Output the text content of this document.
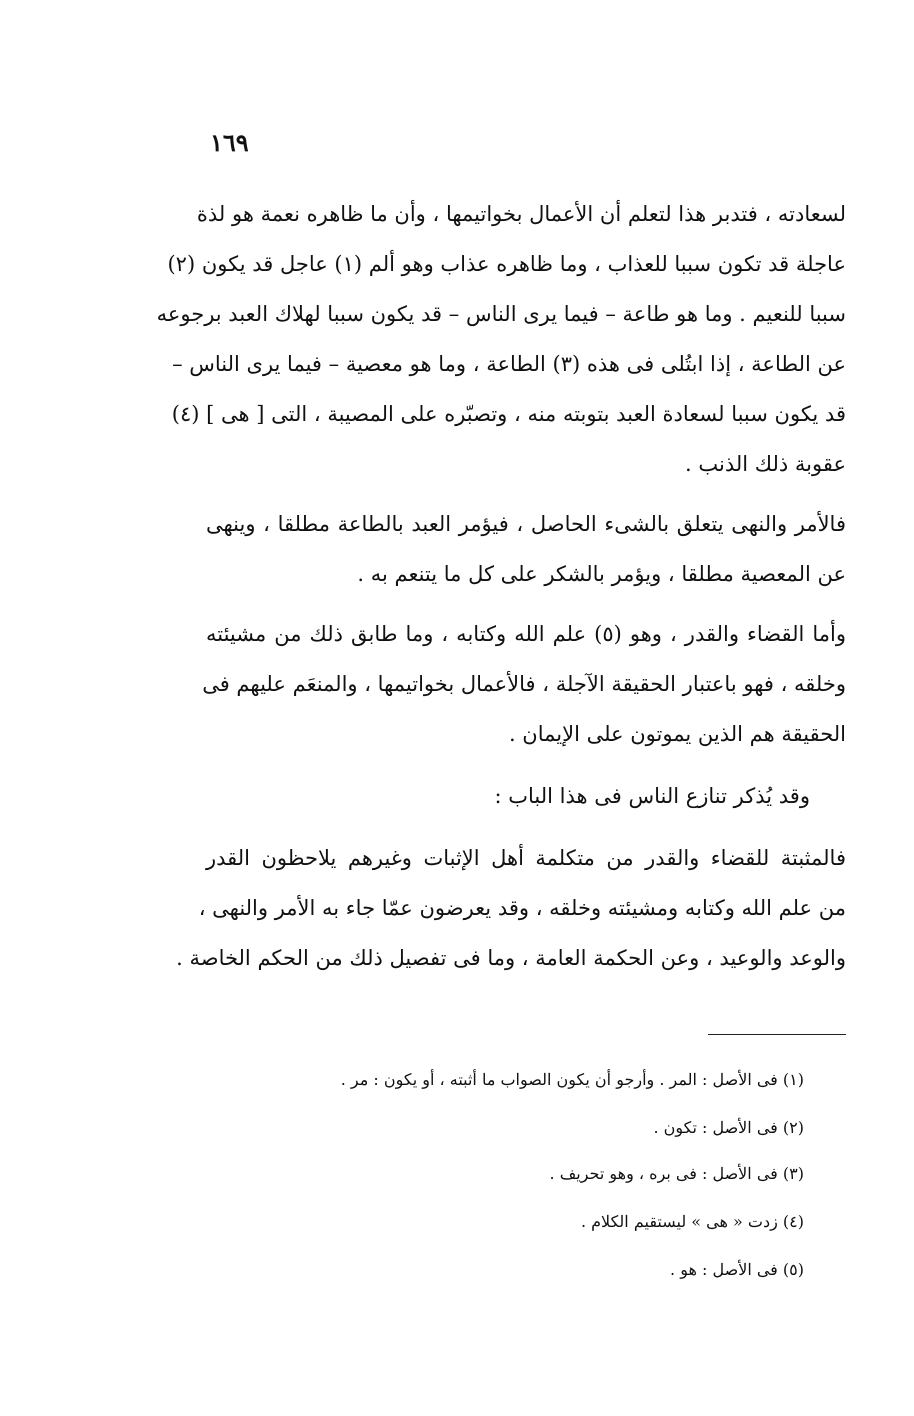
١٦٩
لسعادته ، فتدبر هذا لتعلم أن الأعمال بخواتيمها ، وأن ما ظاهره نعمة هو لذة
عاجلة قد تكون سببا للعذاب ، وما ظاهره عذاب وهو ألم (١) عاجل قد يكون (٢)
سببا للنعيم . وما هو طاعة – فيما يرى الناس – قد يكون سببا لهلاك العبد برجوعه
عن الطاعة ، إذا ابتُلى فى هذه (٣) الطاعة ، وما هو معصية – فيما يرى الناس –
قد يكون سببا لسعادة العبد بتوبته منه ، وتصبّره على المصيبة ، التى [ هى ] (٤)
عقوبة ذلك الذنب .
فالأمر والنهى يتعلق بالشىء الحاصل ، فيؤمر العبد بالطاعة مطلقا ، وينهى
عن المعصية مطلقا ، ويؤمر بالشكر على كل ما يتنعم به .
وأما القضاء والقدر ، وهو (٥) علم الله وكتابه ، وما طابق ذلك من مشيئته
وخلقه ، فهو باعتبار الحقيقة الآجلة ، فالأعمال بخواتيمها ، والمنعَم عليهم فى
الحقيقة هم الذين يموتون على الإيمان .
وقد يُذكر تنازع الناس فى هذا الباب :
فالمثبتة للقضاء والقدر من متكلمة أهل الإثبات وغيرهم يلاحظون القدر
من علم الله وكتابه ومشيئته وخلقه ، وقد يعرضون عمّا جاء به الأمر والنهى ،
والوعد والوعيد ، وعن الحكمة العامة ، وما فى تفصيل ذلك من الحكم الخاصة .
(١) فى الأصل : المر . وأرجو أن يكون الصواب ما أثبته ، أو يكون : مر .
(٢) فى الأصل : تكون .
(٣) فى الأصل : فى بره ، وهو تحريف .
(٤) زدت « هى » ليستقيم الكلام .
(٥) فى الأصل : هو .
